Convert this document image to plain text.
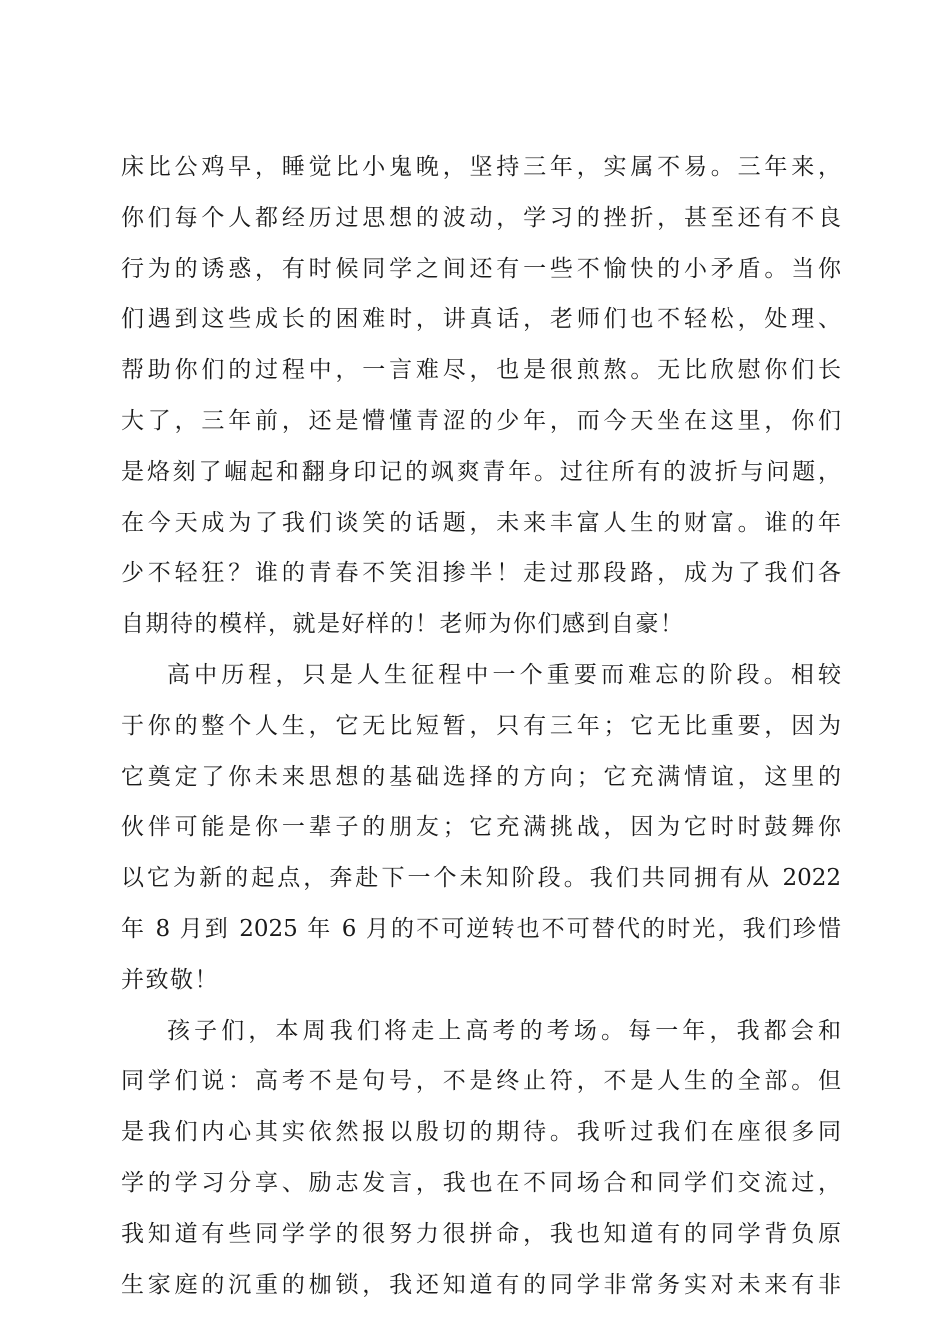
床比公鸡早，睡觉比小鬼晚，坚持三年，实属不易。三年来，
你们每个人都经历过思想的波动，学习的挫折，甚至还有不良
行为的诱惑，有时候同学之间还有一些不愉快的小矛盾。当你
们遇到这些成长的困难时，讲真话，老师们也不轻松，处理、
帮助你们的过程中，一言难尽，也是很煎熬。无比欣慰你们长
大了，三年前，还是懵懂青涩的少年，而今天坐在这里，你们
是烙刻了崛起和翻身印记的飒爽青年。过往所有的波折与问题，
在今天成为了我们谈笑的话题，未来丰富人生的财富。谁的年
少不轻狂？谁的青春不笑泪掺半！走过那段路，成为了我们各
自期待的模样，就是好样的！老师为你们感到自豪！
高中历程，只是人生征程中一个重要而难忘的阶段。相较
于你的整个人生，它无比短暂，只有三年；它无比重要，因为
它奠定了你未来思想的基础选择的方向；它充满情谊，这里的
伙伴可能是你一辈子的朋友；它充满挑战，因为它时时鼓舞你
以它为新的起点，奔赴下一个未知阶段。我们共同拥有从 2022
年 8 月到 2025 年 6 月的不可逆转也不可替代的时光，我们珍惜
并致敬！
孩子们，本周我们将走上高考的考场。每一年，我都会和
同学们说：高考不是句号，不是终止符，不是人生的全部。但
是我们内心其实依然报以殷切的期待。我听过我们在座很多同
学的学习分享、励志发言，我也在不同场合和同学们交流过，
我知道有些同学学的很努力很拼命，我也知道有的同学背负原
生家庭的沉重的枷锁，我还知道有的同学非常务实对未来有非
